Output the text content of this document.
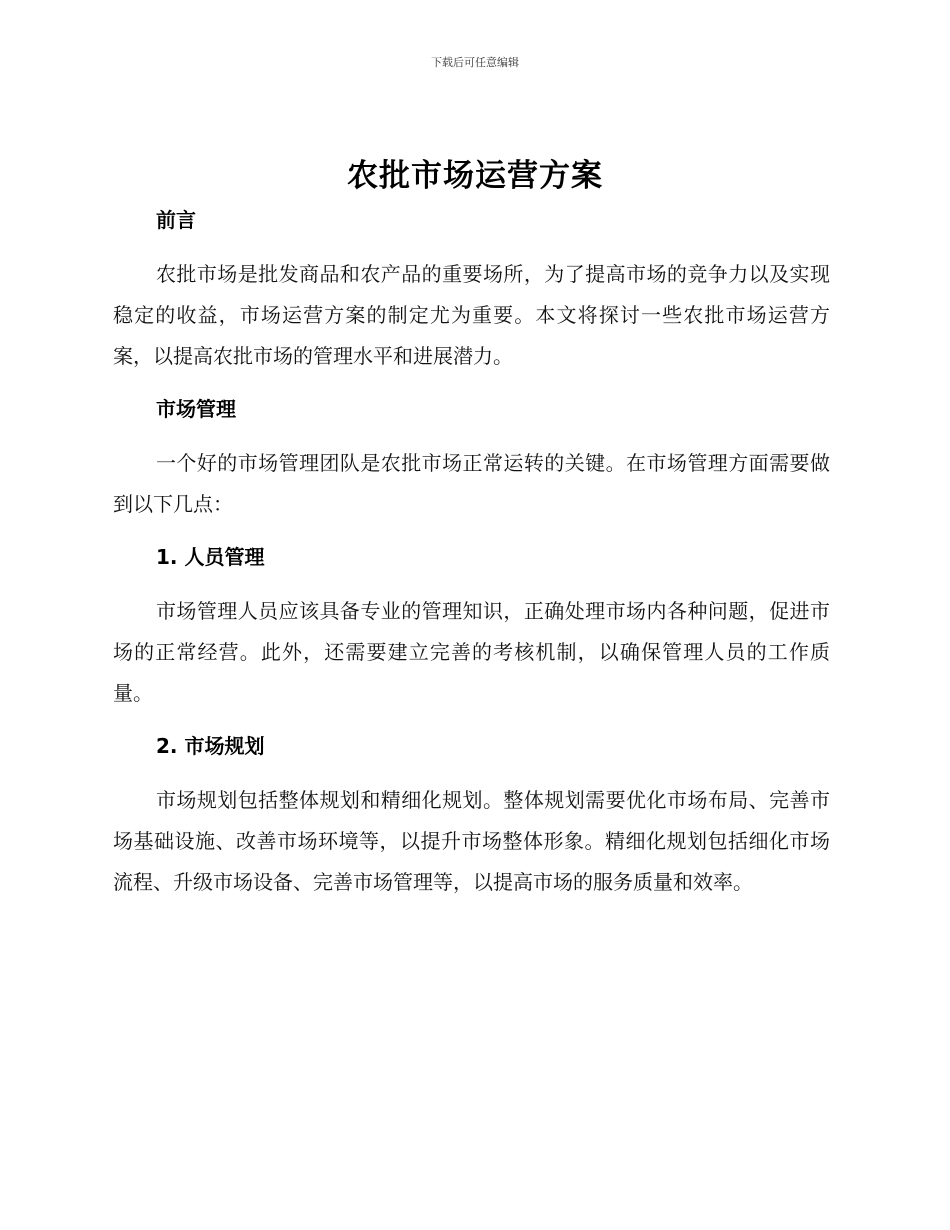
下载后可任意编辑
农批市场运营方案
前言

农批市场是批发商品和农产品的重要场所，为了提高市场的竞争力以及实现稳定的收益，市场运营方案的制定尤为重要。本文将探讨一些农批市场运营方案，以提高农批市场的管理水平和进展潜力。

市场管理

一个好的市场管理团队是农批市场正常运转的关键。在市场管理方面需要做到以下几点：

1. 人员管理

市场管理人员应该具备专业的管理知识，正确处理市场内各种问题，促进市场的正常经营。此外，还需要建立完善的考核机制，以确保管理人员的工作质量。

2. 市场规划

市场规划包括整体规划和精细化规划。整体规划需要优化市场布局、完善市场基础设施、改善市场环境等，以提升市场整体形象。精细化规划包括细化市场流程、升级市场设备、完善市场管理等，以提高市场的服务质量和效率。
